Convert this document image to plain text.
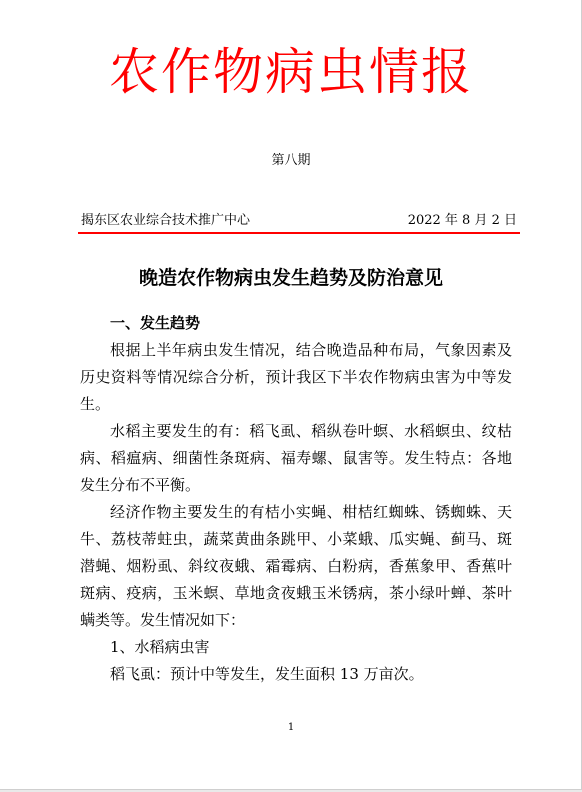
农作物病虫情报
第八期
揭东区农业综合技术推广中心	2022 年 8 月 2 日
晚造农作物病虫发生趋势及防治意见

一、发生趋势

根据上半年病虫发生情况，结合晚造品种布局，气象因素及历史资料等情况综合分析，预计我区下半农作物病虫害为中等发生。

水稻主要发生的有：稻飞虱、稻纵卷叶螟、水稻螟虫、纹枯病、稻瘟病、细菌性条斑病、福寿螺、鼠害等。发生特点：各地发生分布不平衡。

经济作物主要发生的有桔小实蝇、柑桔红蜘蛛、锈蜘蛛、天牛、荔枝蒂蛀虫，蔬菜黄曲条跳甲、小菜蛾、瓜实蝇、蓟马、斑潜蝇、烟粉虱、斜纹夜蛾、霜霉病、白粉病，香蕉象甲、香蕉叶斑病、疫病，玉米螟、草地贪夜蛾玉米锈病，茶小绿叶蝉、茶叶螨类等。发生情况如下：

1、水稻病虫害

稻飞虱：预计中等发生，发生面积 13 万亩次。

1
